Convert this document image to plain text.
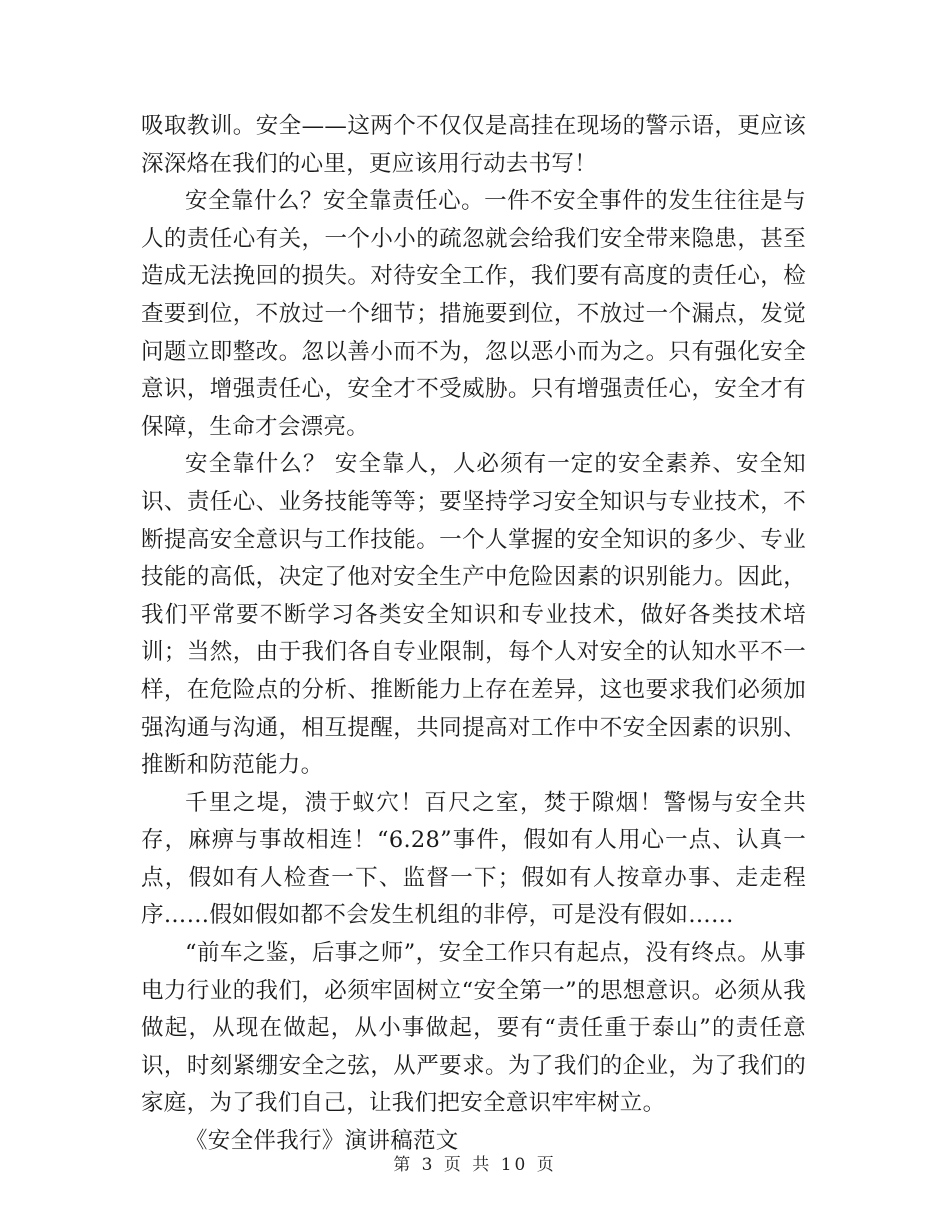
吸取教训。安全——这两个不仅仅是高挂在现场的警示语，更应该深深烙在我们的心里，更应该用行动去书写！

安全靠什么？安全靠责任心。一件不安全事件的发生往往是与人的责任心有关，一个小小的疏忽就会给我们安全带来隐患，甚至造成无法挽回的损失。对待安全工作，我们要有高度的责任心，检查要到位，不放过一个细节；措施要到位，不放过一个漏点，发觉问题立即整改。忽以善小而不为，忽以恶小而为之。只有强化安全意识，增强责任心，安全才不受威胁。只有增强责任心，安全才有保障，生命才会漂亮。

安全靠什么？ 安全靠人，人必须有一定的安全素养、安全知识、责任心、业务技能等等；要坚持学习安全知识与专业技术，不断提高安全意识与工作技能。一个人掌握的安全知识的多少、专业技能的高低，决定了他对安全生产中危险因素的识别能力。因此，我们平常要不断学习各类安全知识和专业技术，做好各类技术培训；当然，由于我们各自专业限制，每个人对安全的认知水平不一样，在危险点的分析、推断能力上存在差异，这也要求我们必须加强沟通与沟通，相互提醒，共同提高对工作中不安全因素的识别、推断和防范能力。

千里之堤，溃于蚁穴！百尺之室，焚于隙烟！警惕与安全共存，麻痹与事故相连！“6.28”事件，假如有人用心一点、认真一点，假如有人检查一下、监督一下；假如有人按章办事、走走程序……假如假如都不会发生机组的非停，可是没有假如……

“前车之鉴，后事之师”，安全工作只有起点，没有终点。从事电力行业的我们，必须牢固树立“安全第一”的思想意识。必须从我做起，从现在做起，从小事做起，要有“责任重于泰山”的责任意识，时刻紧绷安全之弦，从严要求。为了我们的企业，为了我们的家庭，为了我们自己，让我们把安全意识牢牢树立。

《安全伴我行》演讲稿范文

第 3 页 共 10 页
